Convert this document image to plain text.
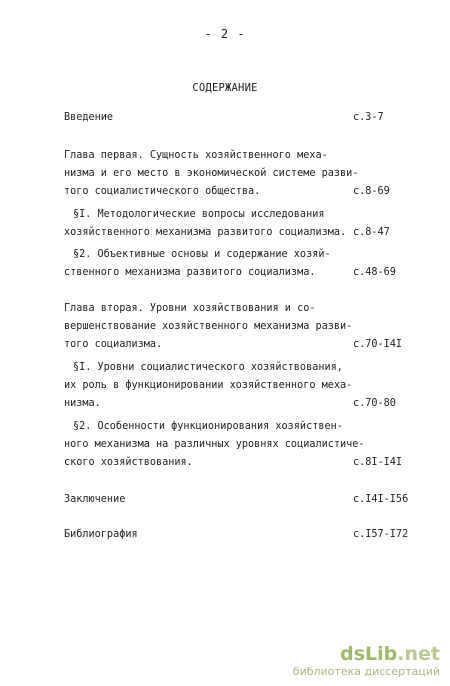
- 2 -
СОДЕРЖАНИЕ
Введение	с.3-7
Глава первая. Сущность хозяйственного меха-
низма и его место в экономической системе разви-
того социалистического общества.	с.8-69
§I. Методологические вопросы исследования
хозяйственного механизма развитого социализма. с.8-47
§2. Объективные основы и содержание хозяй-
ственного механизма развитого социализма.	с.48-69
Глава вторая. Уровни хозяйствования и со-
вершенствование хозяйственного механизма разви-
того социализма.	с.70-I4I
§I. Уровни социалистического хозяйствования,
их роль в функционировании хозяйственного меха-
низма.	с.70-80
§2. Особенности функционирования хозяйствен-
ного механизма на различных уровнях социалистиче-
ского хозяйствования.	с.8I-I4I
Заключение	с.I4I-I56
Библиография	с.I57-I72
dsLib.net
библиотека диссертаций
